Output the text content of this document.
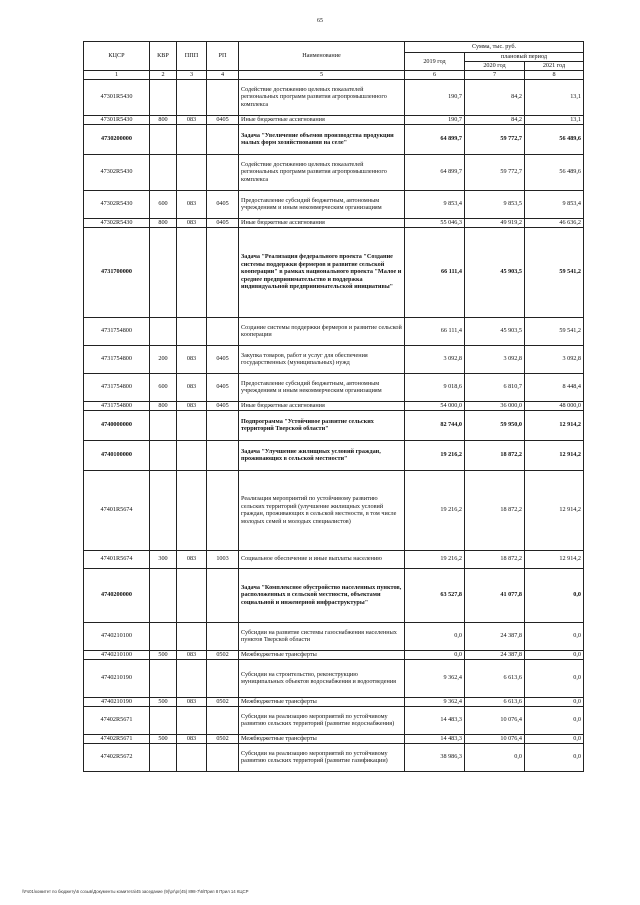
65
КЦСР	КВР	ППП	РП	Наименование	Сумма, тыс. руб.		
					2019 год	плановый период	
						2020 год	2021 год
1	2	3	4	5	6	7	8
47301R5430				Содействие достижению целевых показателей региональных программ развития агропромышленного комплекса	190,7	84,2	13,1
47301R5430	800	083	0405	Иные бюджетные ассигнования	190,7	84,2	13,1
4730200000				Задача "Увеличение объемов производства продукции малых форм хозяйствования на селе"	64 899,7	59 772,7	56 489,6
47302R5430				Содействие достижению целевых показателей региональных программ развития агропромышленного комплекса	64 899,7	59 772,7	56 489,6
47302R5430	600	083	0405	Предоставление субсидий бюджетным, автономным учреждениям и иным некоммерческим организациям	9 853,4	9 853,5	9 853,4
47302R5430	800	083	0405	Иные бюджетные ассигнования	55 046,3	49 919,2	46 636,2
4731700000				Задача "Реализация федерального проекта "Создание системы поддержки фермеров и развитие сельской кооперации" в рамках национального проекта "Малое и среднее предпринимательство и поддержка индивидуальной предпринимательской инициативы"	66 111,4	45 903,5	59 541,2
4731754800				Создание системы поддержки фермеров и развитие сельской кооперации	66 111,4	45 903,5	59 541,2
4731754800	200	083	0405	Закупка товаров, работ и услуг для обеспечения государственных (муниципальных) нужд	3 092,8	3 092,8	3 092,8
4731754800	600	083	0405	Предоставление субсидий бюджетным, автономным учреждениям и иным некоммерческим организациям	9 018,6	6 810,7	8 448,4
4731754800	800	083	0405	Иные бюджетные ассигнования	54 000,0	36 000,0	48 000,0
4740000000				Подпрограмма "Устойчивое развитие сельских территорий Тверской области"	82 744,0	59 950,0	12 914,2
4740100000				Задача "Улучшение жилищных условий граждан, проживающих в сельской местности"	19 216,2	18 872,2	12 914,2
47401R5674				Реализация мероприятий по устойчивому развитию сельских территорий (улучшение жилищных условий граждан, проживающих в сельской местности, в том числе молодых семей и молодых специалистов)	19 216,2	18 872,2	12 914,2
47401R5674	300	083	1003	Социальное обеспечение и иные выплаты населению	19 216,2	18 872,2	12 914,2
4740200000				Задача "Комплексное обустройство населенных пунктов, расположенных в сельской местности, объектами социальной и инженерной инфраструктуры"	63 527,8	41 077,8	0,0
4740210100				Субсидии на развитие системы газоснабжения населенных пунктов Тверской области	0,0	24 387,8	0,0
4740210100	500	083	0502	Межбюджетные трансферты	0,0	24 387,8	0,0
4740210190				Субсидии на строительство, реконструкцию муниципальных объектов водоснабжения и водоотведения	9 362,4	6 613,6	0,0
4740210190	500	083	0502	Межбюджетные трансферты	9 362,4	6 613,6	0,0
47402R5671				Субсидии на реализацию мероприятий по устойчивому развитию сельских территорий (развитие водоснабжения)	14 483,3	10 076,4	0,0
47402R5671	500	083	0502	Межбюджетные трансферты	14 483,3	10 076,4	0,0
47402R5672				Субсидии на реализацию мероприятий по устойчивому развитию сельских территорий (развитие газификации)	38 986,3	0,0	0,0
\\Fs01\комитет по бюджету\6 созыв\Документы комитета\45 заседание (9)\рг\рг(45) 898-7\6\Прил 8 Прил 14 КЦСР
